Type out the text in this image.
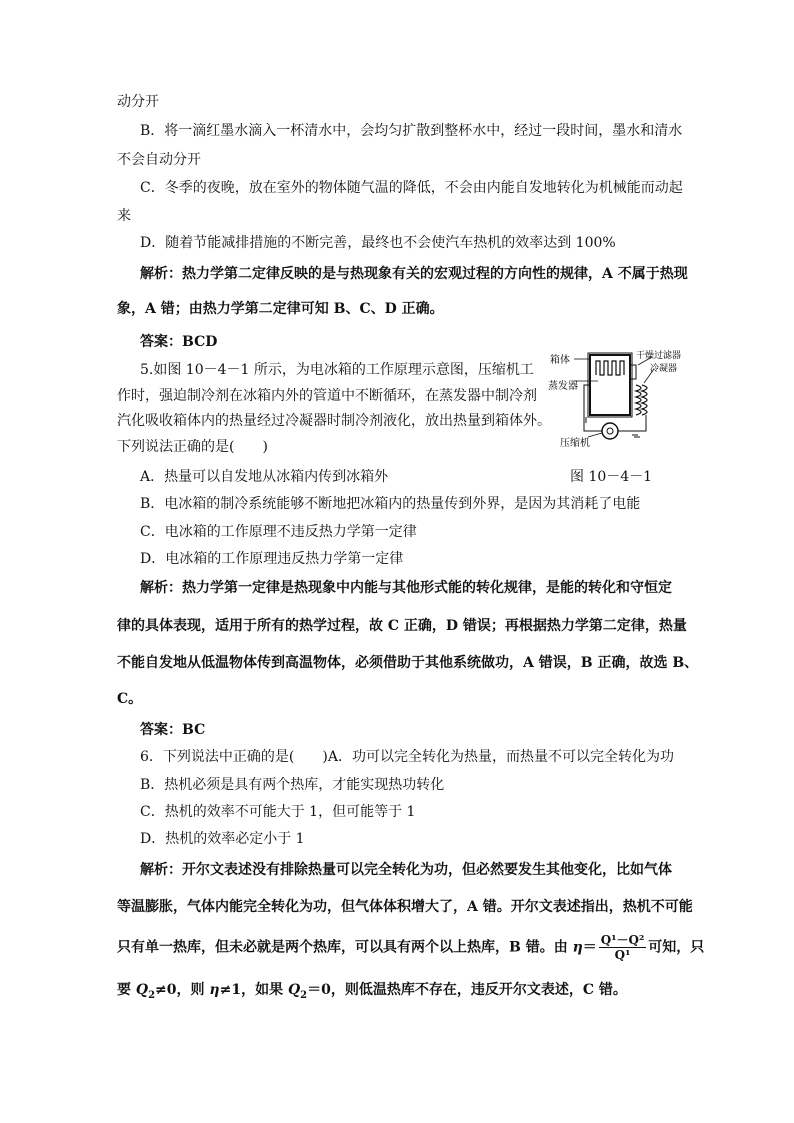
动分开
B．将一滴红墨水滴入一杯清水中，会均匀扩散到整杯水中，经过一段时间，墨水和清水
不会自动分开
C．冬季的夜晚，放在室外的物体随气温的降低，不会由内能自发地转化为机械能而动起
来
D．随着节能减排措施的不断完善，最终也不会使汽车热机的效率达到 100%
解析：热力学第二定律反映的是与热现象有关的宏观过程的方向性的规律，A 不属于热现
象，A 错；由热力学第二定律可知 B、C、D 正确。
答案：BCD
5.如图 10－4－1 所示，为电冰箱的工作原理示意图，压缩机工
作时，强迫制冷剂在冰箱内外的管道中不断循环，在蒸发器中制冷剂
汽化吸收箱体内的热量经过冷凝器时制冷剂液化，放出热量到箱体外。
下列说法正确的是(　　)
箱体
蒸发器
干燥过滤器
冷凝器
压缩机
A．热量可以自发地从冰箱内传到冰箱外	图 10－4－1
B．电冰箱的制冷系统能够不断地把冰箱内的热量传到外界，是因为其消耗了电能
C．电冰箱的工作原理不违反热力学第一定律
D．电冰箱的工作原理违反热力学第一定律
解析：热力学第一定律是热现象中内能与其他形式能的转化规律，是能的转化和守恒定
律的具体表现，适用于所有的热学过程，故 C 正确，D 错误；再根据热力学第二定律，热量
不能自发地从低温物体传到高温物体，必须借助于其他系统做功，A 错误，B 正确，故选 B、
C。
答案：BC
6．下列说法中正确的是(　　)A．功可以完全转化为热量，而热量不可以完全转化为功
B．热机必须是具有两个热库，才能实现热功转化
C．热机的效率不可能大于 1，但可能等于 1
D．热机的效率必定小于 1
解析：开尔文表述没有排除热量可以完全转化为功，但必然要发生其他变化，比如气体
等温膨胀，气体内能完全转化为功，但气体体积增大了，A 错。开尔文表述指出，热机不可能
只有单一热库，但未必就是两个热库，可以具有两个以上热库，B 错。由 $\eta= \frac{\text{Q¹－Q²}}{\text{Q¹}}$ 可知，只
要 $Q_2\ne 0$，则 η≠1，如果 $Q_2=0$，则低温热库不存在，违反开尔文表述，C 错。
